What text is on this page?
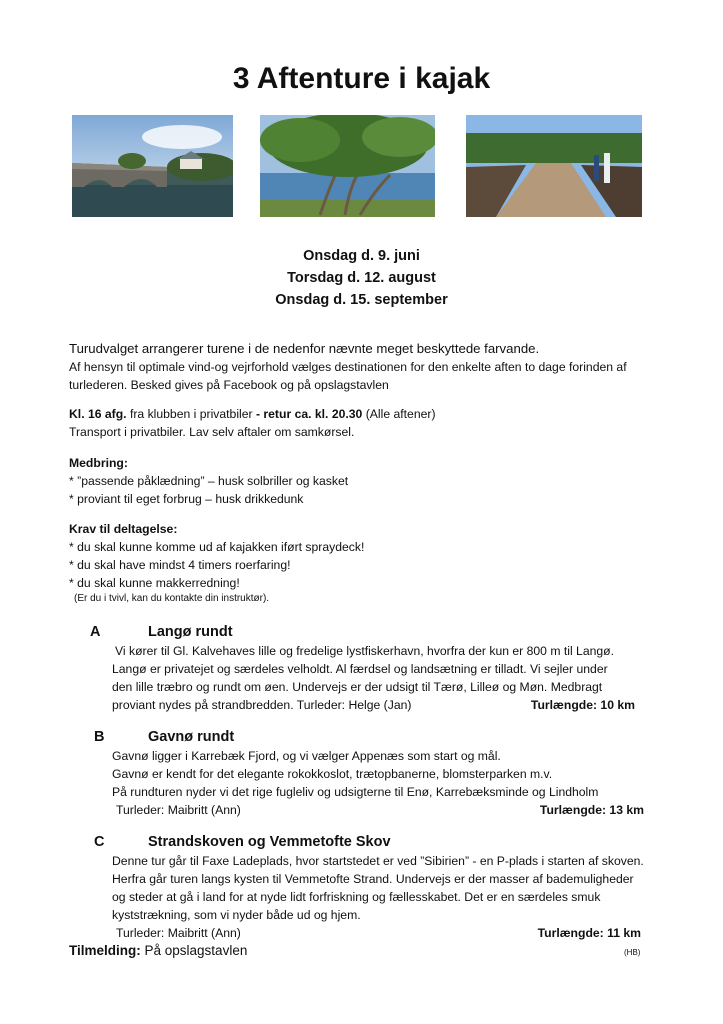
3 Aftenture i kajak
Onsdag d. 9. juni
Torsdag d. 12. august
Onsdag d. 15. september
Turudvalget arrangerer turene i de nedenfor nævnte meget beskyttede farvande.
Af hensyn til optimale vind-og vejrforhold vælges destinationen for den enkelte aften to dage forinden af
turlederen. Besked gives på Facebook og på opslagstavlen
Kl. 16 afg. fra klubben i privatbiler - retur ca. kl. 20.30 (Alle aftener)
Transport i privatbiler. Lav selv aftaler om samkørsel.
Medbring:
* ”passende påklædning” – husk solbriller og kasket
* proviant til eget forbrug – husk drikkedunk
Krav til deltagelse:
* du skal kunne komme ud af kajakken iført spraydeck!
* du skal have mindst 4 timers roerfaring!
* du skal kunne makkerredning!
(Er du i tvivl, kan du kontakte din instruktør).
A	Langø rundt
Vi kører til Gl. Kalvehaves lille og fredelige lystfiskerhavn, hvorfra der kun er 800 m til Langø.
Langø er privatejet og særdeles velholdt. Al færdsel og landsætning er tilladt. Vi sejler under
den lille træbro og rundt om øen. Undervejs er der udsigt til Tærø, Lilleø og Møn. Medbragt
proviant nydes på strandbredden. Turleder: Helge (Jan)	Turlængde: 10 km
B	Gavnø rundt
Gavnø ligger i Karrebæk Fjord, og vi vælger Appenæs som start og mål.
Gavnø er kendt for det elegante rokokkoslot, trætopbanerne, blomsterparken m.v.
På rundturen nyder vi det rige fugleliv og udsigterne til Enø, Karrebæksminde og Lindholm
Turleder: Maibritt (Ann)	Turlængde: 13 km
C	Strandskoven og Vemmetofte Skov
Denne tur går til Faxe Ladeplads, hvor startstedet er ved ”Sibirien” - en P-plads i starten af skoven.
Herfra går turen langs kysten til Vemmetofte Strand. Undervejs er der masser af bademuligheder
og steder at gå i land for at nyde lidt forfriskning og fællesskabet. Det er en særdeles smuk
kyststrækning, som vi nyder både ud og hjem.
Turleder: Maibritt (Ann)	Turlængde: 11 km
Tilmelding: På opslagstavlen	(HB)
